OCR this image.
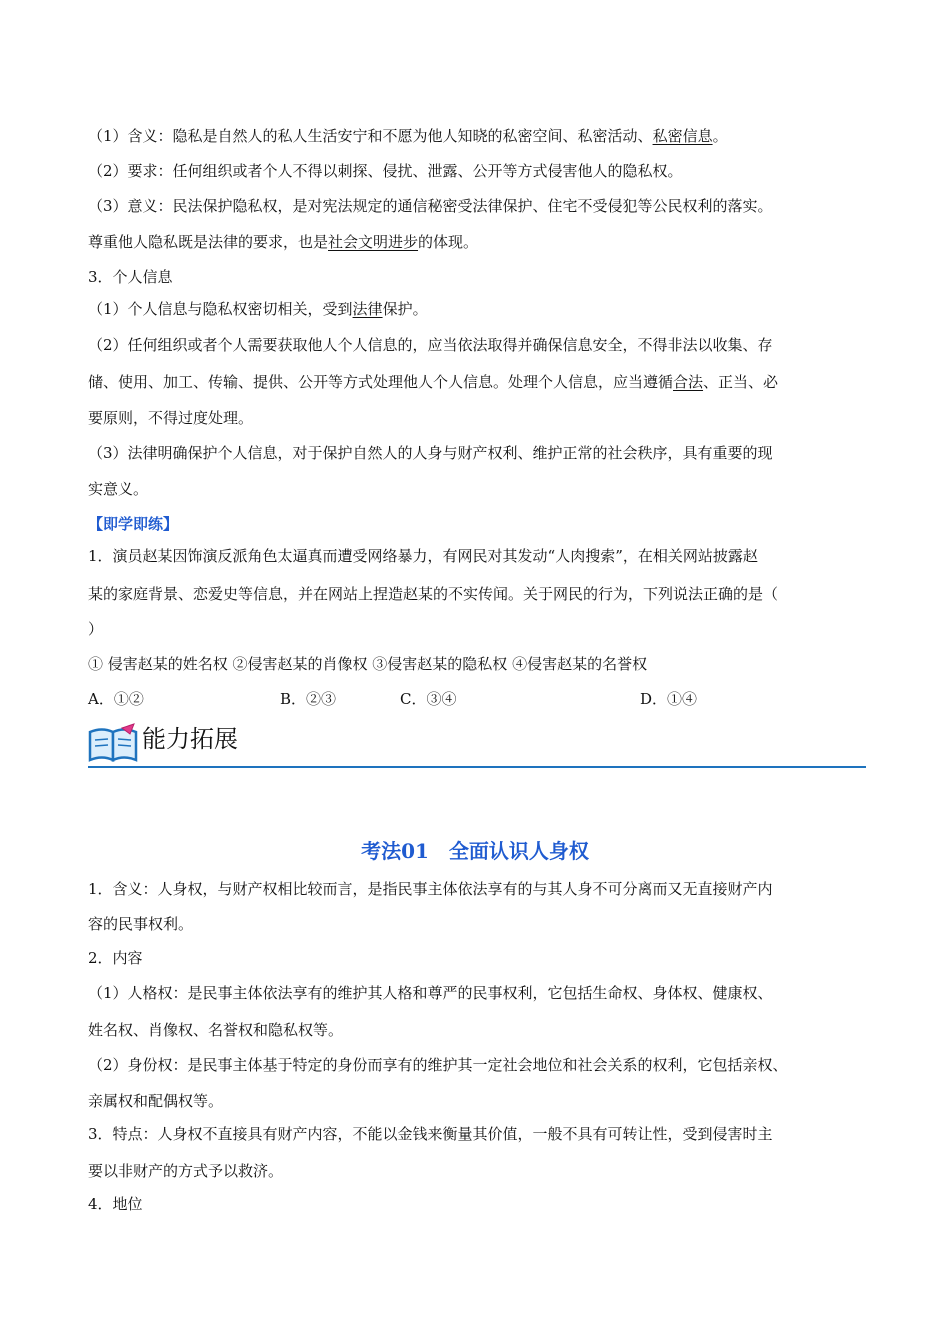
（1）含义：隐私是自然人的私人生活安宁和不愿为他人知晓的私密空间、私密活动、私密信息。
（2）要求：任何组织或者个人不得以刺探、侵扰、泄露、公开等方式侵害他人的隐私权。
（3）意义：民法保护隐私权，是对宪法规定的通信秘密受法律保护、住宅不受侵犯等公民权利的落实。
尊重他人隐私既是法律的要求，也是社会文明进步的体现。
3．个人信息
（1）个人信息与隐私权密切相关，受到法律保护。
（2）任何组织或者个人需要获取他人个人信息的，应当依法取得并确保信息安全，不得非法以收集、存
储、使用、加工、传输、提供、公开等方式处理他人个人信息。处理个人信息，应当遵循合法、正当、必
要原则，不得过度处理。
（3）法律明确保护个人信息，对于保护自然人的人身与财产权利、维护正常的社会秩序，具有重要的现
实意义。
【即学即练】
1．演员赵某因饰演反派角色太逼真而遭受网络暴力，有网民对其发动“人肉搜索”，在相关网站披露赵
某的家庭背景、恋爱史等信息，并在网站上捏造赵某的不实传闻。关于网民的行为，下列说法正确的是（
）
① 侵害赵某的姓名权 ②侵害赵某的肖像权 ③侵害赵某的隐私权 ④侵害赵某的名誉权
A．①②	B．②③	C．③④	D．①④
能力拓展
考法01　全面认识人身权
1．含义：人身权，与财产权相比较而言，是指民事主体依法享有的与其人身不可分离而又无直接财产内
容的民事权利。
2．内容
（1）人格权：是民事主体依法享有的维护其人格和尊严的民事权利，它包括生命权、身体权、健康权、
姓名权、肖像权、名誉权和隐私权等。
（2）身份权：是民事主体基于特定的身份而享有的维护其一定社会地位和社会关系的权利，它包括亲权、
亲属权和配偶权等。
3．特点：人身权不直接具有财产内容，不能以金钱来衡量其价值，一般不具有可转让性，受到侵害时主
要以非财产的方式予以救济。
4．地位
